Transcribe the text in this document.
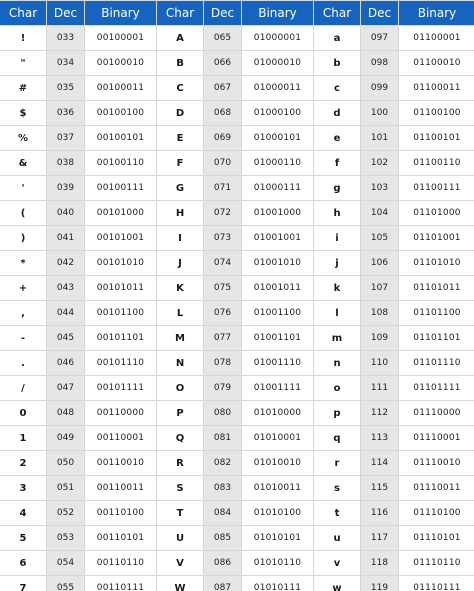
Char	Dec	Binary	Char	Dec	Binary	Char	Dec	Binary
!	033	00100001	A	065	01000001	a	097	01100001
"	034	00100010	B	066	01000010	b	098	01100010
#	035	00100011	C	067	01000011	c	099	01100011
$	036	00100100	D	068	01000100	d	100	01100100
%	037	00100101	E	069	01000101	e	101	01100101
&	038	00100110	F	070	01000110	f	102	01100110
'	039	00100111	G	071	01000111	g	103	01100111
(	040	00101000	H	072	01001000	h	104	01101000
)	041	00101001	I	073	01001001	i	105	01101001
*	042	00101010	J	074	01001010	j	106	01101010
+	043	00101011	K	075	01001011	k	107	01101011
,	044	00101100	L	076	01001100	l	108	01101100
-	045	00101101	M	077	01001101	m	109	01101101
.	046	00101110	N	078	01001110	n	110	01101110
/	047	00101111	O	079	01001111	o	111	01101111
0	048	00110000	P	080	01010000	p	112	01110000
1	049	00110001	Q	081	01010001	q	113	01110001
2	050	00110010	R	082	01010010	r	114	01110010
3	051	00110011	S	083	01010011	s	115	01110011
4	052	00110100	T	084	01010100	t	116	01110100
5	053	00110101	U	085	01010101	u	117	01110101
6	054	00110110	V	086	01010110	v	118	01110110
7	055	00110111	W	087	01010111	w	119	01110111
